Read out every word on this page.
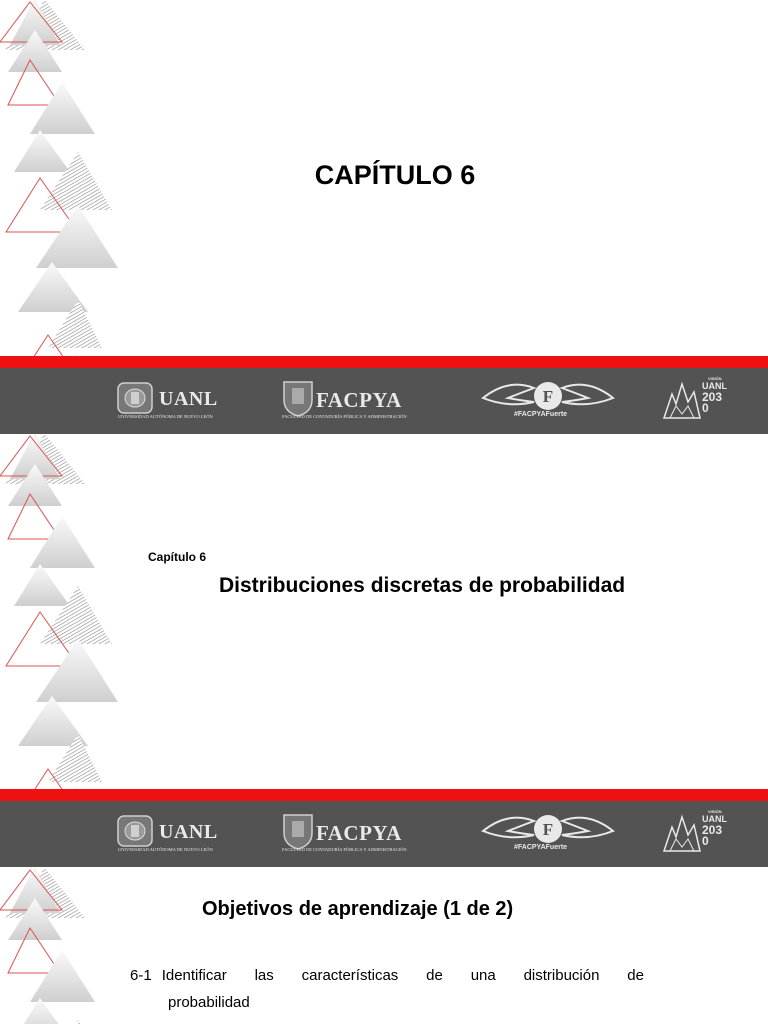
CAPÍTULO 6
UANL
UNIVERSIDAD AUTÓNOMA DE NUEVO LEÓN
FACPYA
FACULTAD DE CONTADURÍA PÚBLICA Y ADMINISTRACIÓN
F
#FACPYAFuerte
VISIÓN
UANL
2030
Capítulo 6
Distribuciones discretas de probabilidad
UANL
UNIVERSIDAD AUTÓNOMA DE NUEVO LEÓN
FACPYA
FACULTAD DE CONTADURÍA PÚBLICA Y ADMINISTRACIÓN
F
#FACPYAFuerte
VISIÓN
UANL
2030
Objetivos de aprendizaje (1 de 2)
6-1 Identificar las características de una distribución de
probabilidad
